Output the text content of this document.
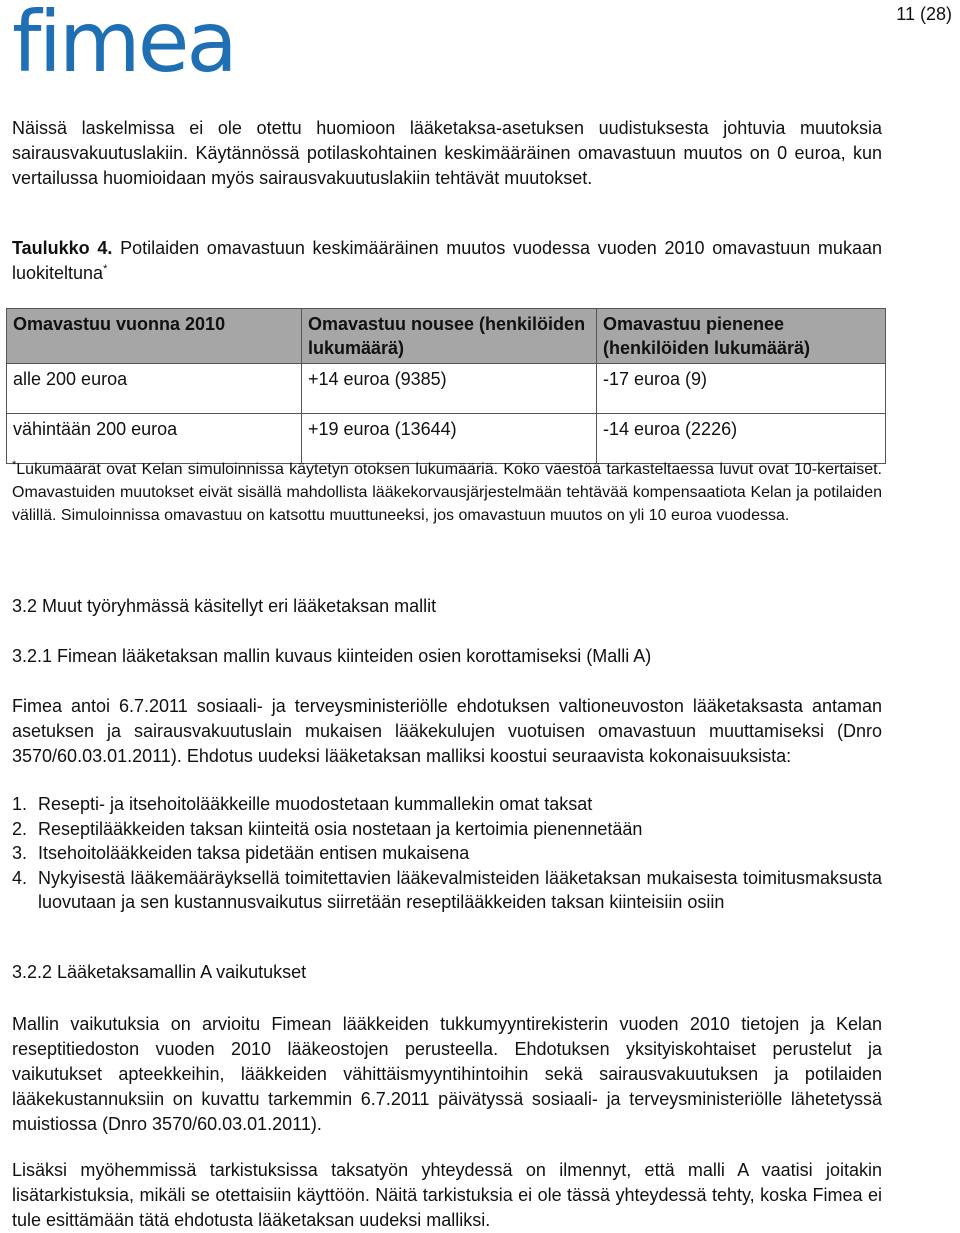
fimea	11 (28)
Näissä laskelmissa ei ole otettu huomioon lääketaksa-asetuksen uudistuksesta johtuvia muutoksia sairausvakuutuslakiin. Käytännössä potilaskohtainen keskimääräinen omavastuun muutos on 0 euroa, kun vertailussa huomioidaan myös sairausvakuutuslakiin tehtävät muutokset.
Taulukko 4. Potilaiden omavastuun keskimääräinen muutos vuodessa vuoden 2010 omavastuun mukaan luokiteltuna*
Omavastuu vuonna 2010	Omavastuu nousee (henkilöiden lukumäärä)	Omavastuu pienenee (henkilöiden lukumäärä)
alle 200 euroa	+14 euroa (9385)	-17 euroa (9)
vähintään 200 euroa	+19 euroa (13644)	-14 euroa (2226)
*Lukumäärät ovat Kelan simuloinnissa käytetyn otoksen lukumääriä. Koko väestöä tarkasteltaessa luvut ovat 10-kertaiset. Omavastuiden muutokset eivät sisällä mahdollista lääkekorvausjärjestelmään tehtävää kompensaatiota Kelan ja potilaiden välillä. Simuloinnissa omavastuu on katsottu muuttuneeksi, jos omavastuun muutos on yli 10 euroa vuodessa.
3.2 Muut työryhmässä käsitellyt eri lääketaksan mallit
3.2.1 Fimean lääketaksan mallin kuvaus kiinteiden osien korottamiseksi (Malli A)
Fimea antoi 6.7.2011 sosiaali- ja terveysministeriölle ehdotuksen valtioneuvoston lääketaksasta antaman asetuksen ja sairausvakuutuslain mukaisen lääkekulujen vuotuisen omavastuun muuttamiseksi (Dnro 3570/60.03.01.2011). Ehdotus uudeksi lääketaksan malliksi koostui seuraavista kokonaisuuksista:
1. Resepti- ja itsehoitolääkkeille muodostetaan kummallekin omat taksat
2. Reseptilääkkeiden taksan kiinteitä osia nostetaan ja kertoimia pienennetään
3. Itsehoitolääkkeiden taksa pidetään entisen mukaisena
4. Nykyisestä lääkemääräyksellä toimitettavien lääkevalmisteiden lääketaksan mukaisesta toimitusmaksusta luovutaan ja sen kustannusvaikutus siirretään reseptilääkkeiden taksan kiinteisiin osiin
3.2.2 Lääketaksamallin A vaikutukset
Mallin vaikutuksia on arvioitu Fimean lääkkeiden tukkumyyntirekisterin vuoden 2010 tietojen ja Kelan reseptitiedoston vuoden 2010 lääkeostojen perusteella. Ehdotuksen yksityiskohtaiset perustelut ja vaikutukset apteekkeihin, lääkkeiden vähittäismyyntihintoihin sekä sairausvakuutuksen ja potilaiden lääkekustannuksiin on kuvattu tarkemmin 6.7.2011 päivätyssä sosiaali- ja terveysministeriölle lähetetyssä muistiossa (Dnro 3570/60.03.01.2011).
Lisäksi myöhemmissä tarkistuksissa taksatyön yhteydessä on ilmennyt, että malli A vaatisi joitakin lisätarkistuksia, mikäli se otettaisiin käyttöön. Näitä tarkistuksia ei ole tässä yhteydessä tehty, koska Fimea ei tule esittämään tätä ehdotusta lääketaksan uudeksi malliksi.
